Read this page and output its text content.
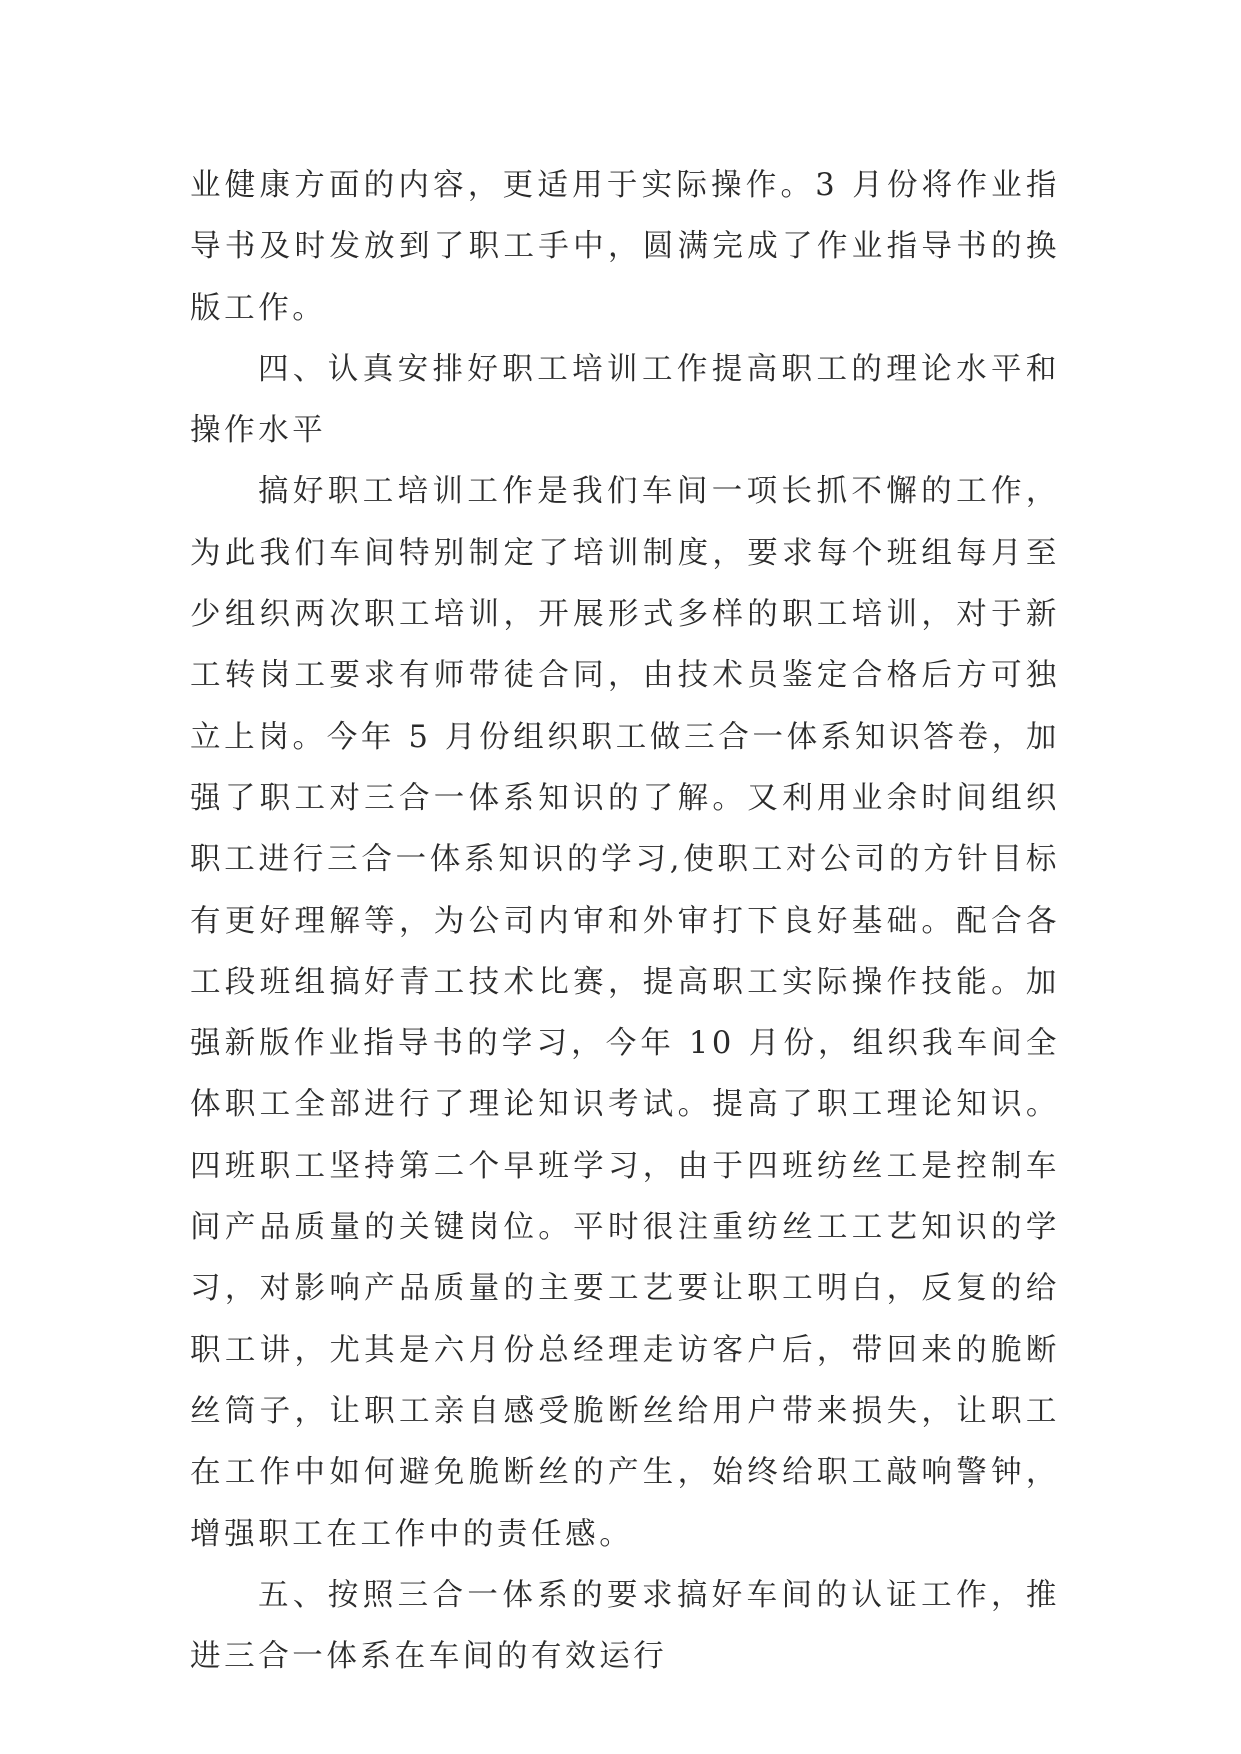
业健康方面的内容，更适用于实际操作。3 月份将作业指导书及时发放到了职工手中，圆满完成了作业指导书的换版工作。

四、认真安排好职工培训工作提高职工的理论水平和操作水平

搞好职工培训工作是我们车间一项长抓不懈的工作，为此我们车间特别制定了培训制度，要求每个班组每月至少组织两次职工培训，开展形式多样的职工培训，对于新工转岗工要求有师带徒合同，由技术员鉴定合格后方可独立上岗。今年 5 月份组织职工做三合一体系知识答卷，加强了职工对三合一体系知识的了解。又利用业余时间组织职工进行三合一体系知识的学习,使职工对公司的方针目标有更好理解等，为公司内审和外审打下良好基础。配合各工段班组搞好青工技术比赛，提高职工实际操作技能。加强新版作业指导书的学习，今年 10 月份，组织我车间全体职工全部进行了理论知识考试。提高了职工理论知识。四班职工坚持第二个早班学习，由于四班纺丝工是控制车间产品质量的关键岗位。平时很注重纺丝工工艺知识的学习，对影响产品质量的主要工艺要让职工明白，反复的给职工讲，尤其是六月份总经理走访客户后，带回来的脆断丝筒子，让职工亲自感受脆断丝给用户带来损失，让职工在工作中如何避免脆断丝的产生，始终给职工敲响警钟，增强职工在工作中的责任感。

五、按照三合一体系的要求搞好车间的认证工作，推进三合一体系在车间的有效运行
